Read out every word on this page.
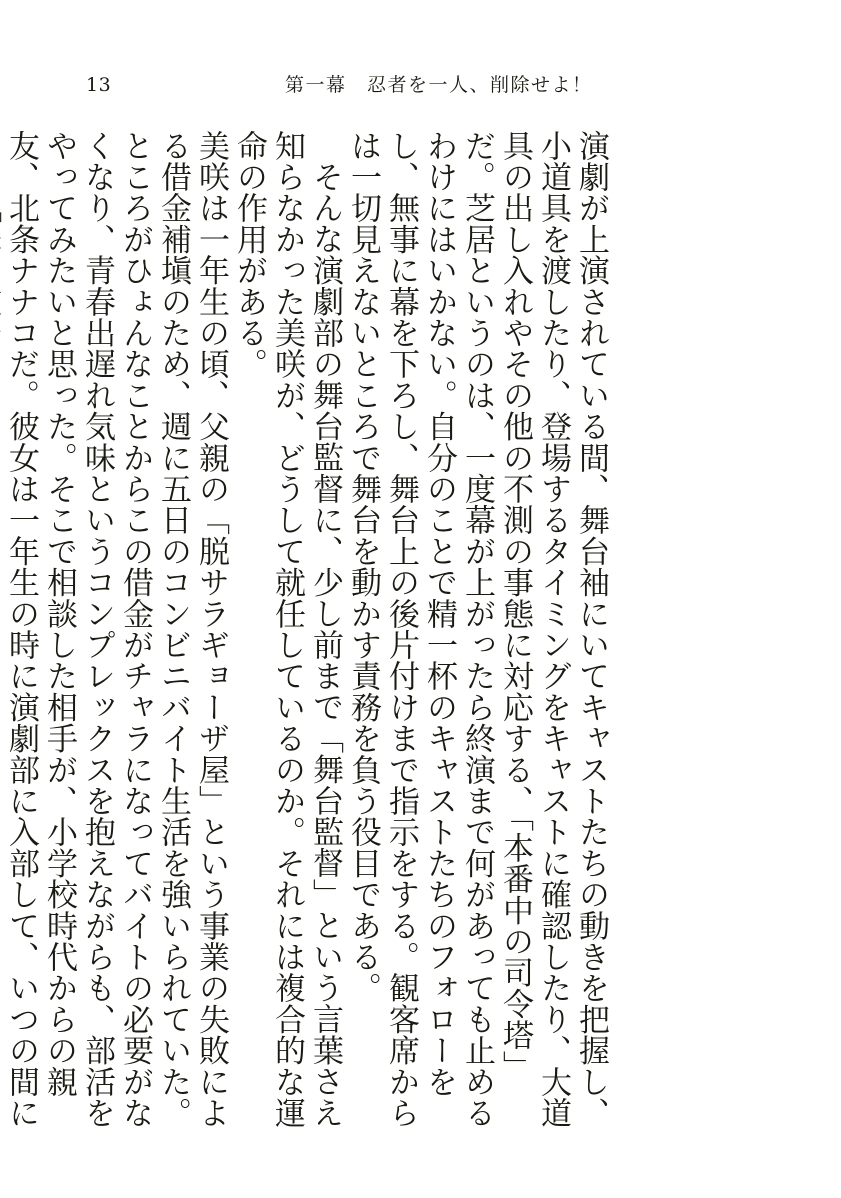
13	第一幕　忍者を一人、削除せよ！

演劇が上演されている間、舞台袖にいてキャストたちの動きを把握し、小道具を渡したり、登場するタイミングをキャストに確認したり、大道具の出し入れやその他の不測の事態に対応する、「本番中の司令塔」だ。芝居というのは、一度幕が上がったら終演まで何があっても止めるわけにはいかない。自分のことで精一杯のキャストたちのフォローをし、無事に幕を下ろし、舞台上の後片付けまで指示をする。観客席からは一切見えないところで舞台を動かす責務を負う役目である。

そんな演劇部の舞台監督に、少し前まで「舞台監督」という言葉さえ知らなかった美咲が、どうして就任しているのか。それには複合的な運命の作用がある。

美咲は一年生の頃、父親の「脱サラギョーザ屋」という事業の失敗による借金補塡のため、週に五日のコンビニバイト生活を強いられていた。ところがひょんなことからこの借金がチャラになってバイトの必要がなくなり、青春出遅れ気味というコンプレックスを抱えながらも、部活をやってみたいと思った。そこで相談した相手が、小学校時代からの親友、北条ナナコだ。彼女は一年生の時に演劇部に入部して、いつの間に
